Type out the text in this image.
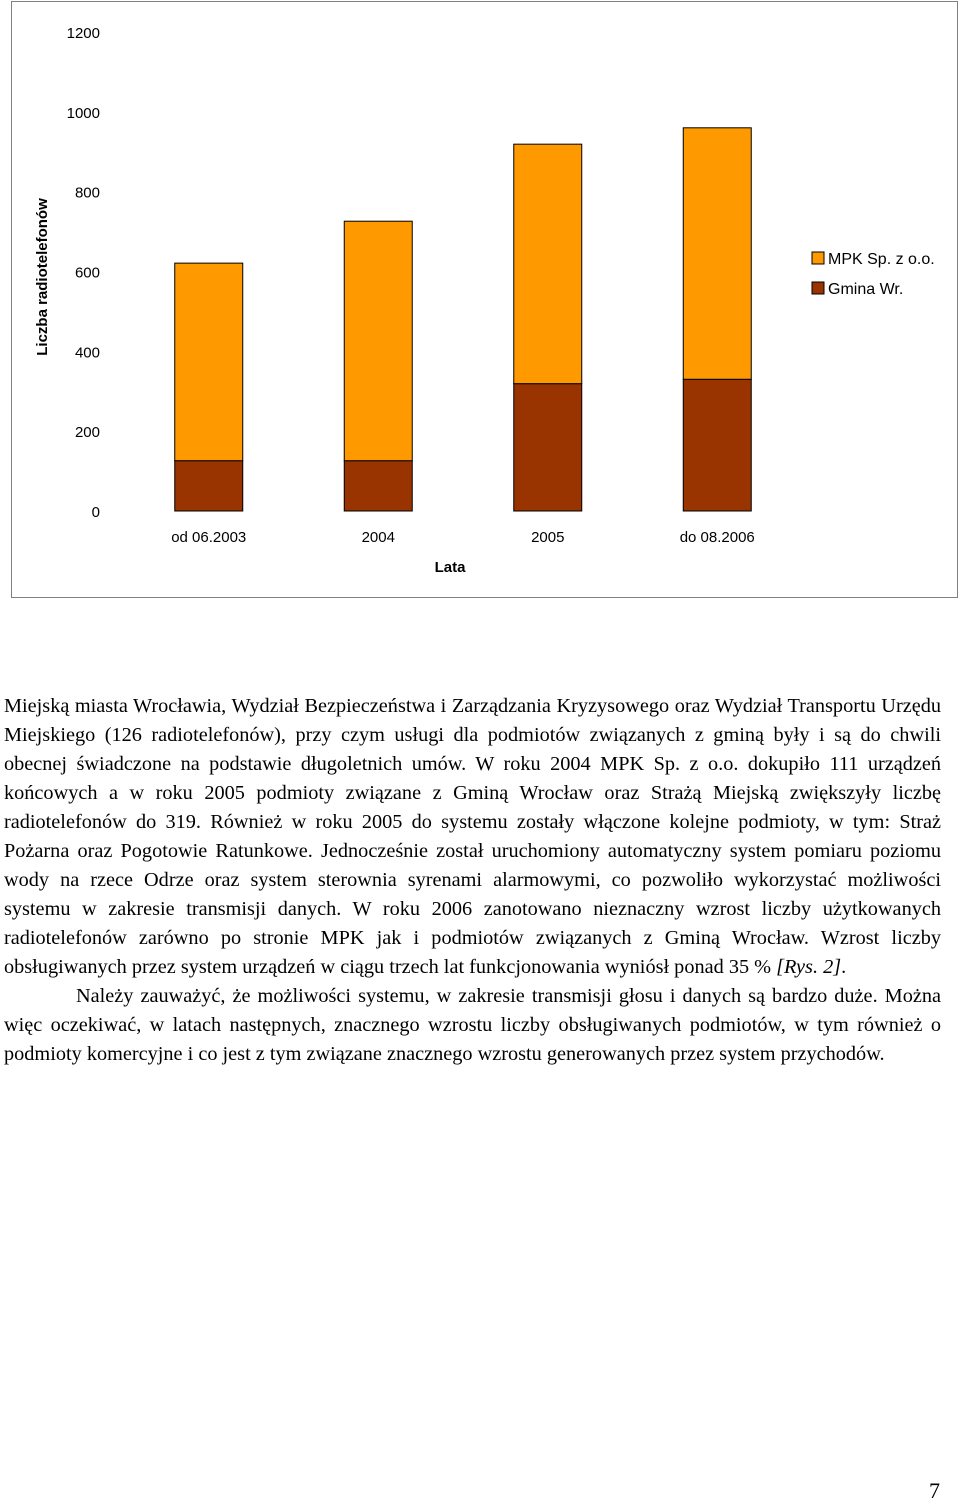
0
200
400
600
800
1000
1200
od 06.2003	2004	2005	do 08.2006
Liczba radiotelefonów
Lata
MPK Sp. z o.o.
Gmina Wr.

Miejską miasta Wrocławia, Wydział Bezpieczeństwa i Zarządzania Kryzysowego oraz Wydział Transportu Urzędu Miejskiego (126 radiotelefonów), przy czym usługi dla podmiotów związanych z gminą były i są do chwili obecnej świadczone na podstawie długoletnich umów. W roku 2004 MPK Sp. z o.o. dokupiło 111 urządzeń końcowych a w roku 2005 podmioty związane z Gminą Wrocław oraz Strażą Miejską zwiększyły liczbę radiotelefonów do 319. Również w roku 2005 do systemu zostały włączone kolejne podmioty, w tym: Straż Pożarna oraz Pogotowie Ratunkowe. Jednocześnie został uruchomiony automatyczny system pomiaru poziomu wody na rzece Odrze oraz system sterownia syrenami alarmowymi, co pozwoliło wykorzystać możliwości systemu w zakresie transmisji danych. W roku 2006 zanotowano nieznaczny wzrost liczby użytkowanych radiotelefonów zarówno po stronie MPK jak i podmiotów związanych z Gminą Wrocław. Wzrost liczby obsługiwanych przez system urządzeń w ciągu trzech lat funkcjonowania wyniósł ponad 35 % [Rys. 2].

Należy zauważyć, że możliwości systemu, w zakresie transmisji głosu i danych są bardzo duże. Można więc oczekiwać, w latach następnych, znacznego wzrostu liczby obsługiwanych podmiotów, w tym również o podmioty komercyjne i co jest z tym związane znacznego wzrostu generowanych przez system przychodów.

7
